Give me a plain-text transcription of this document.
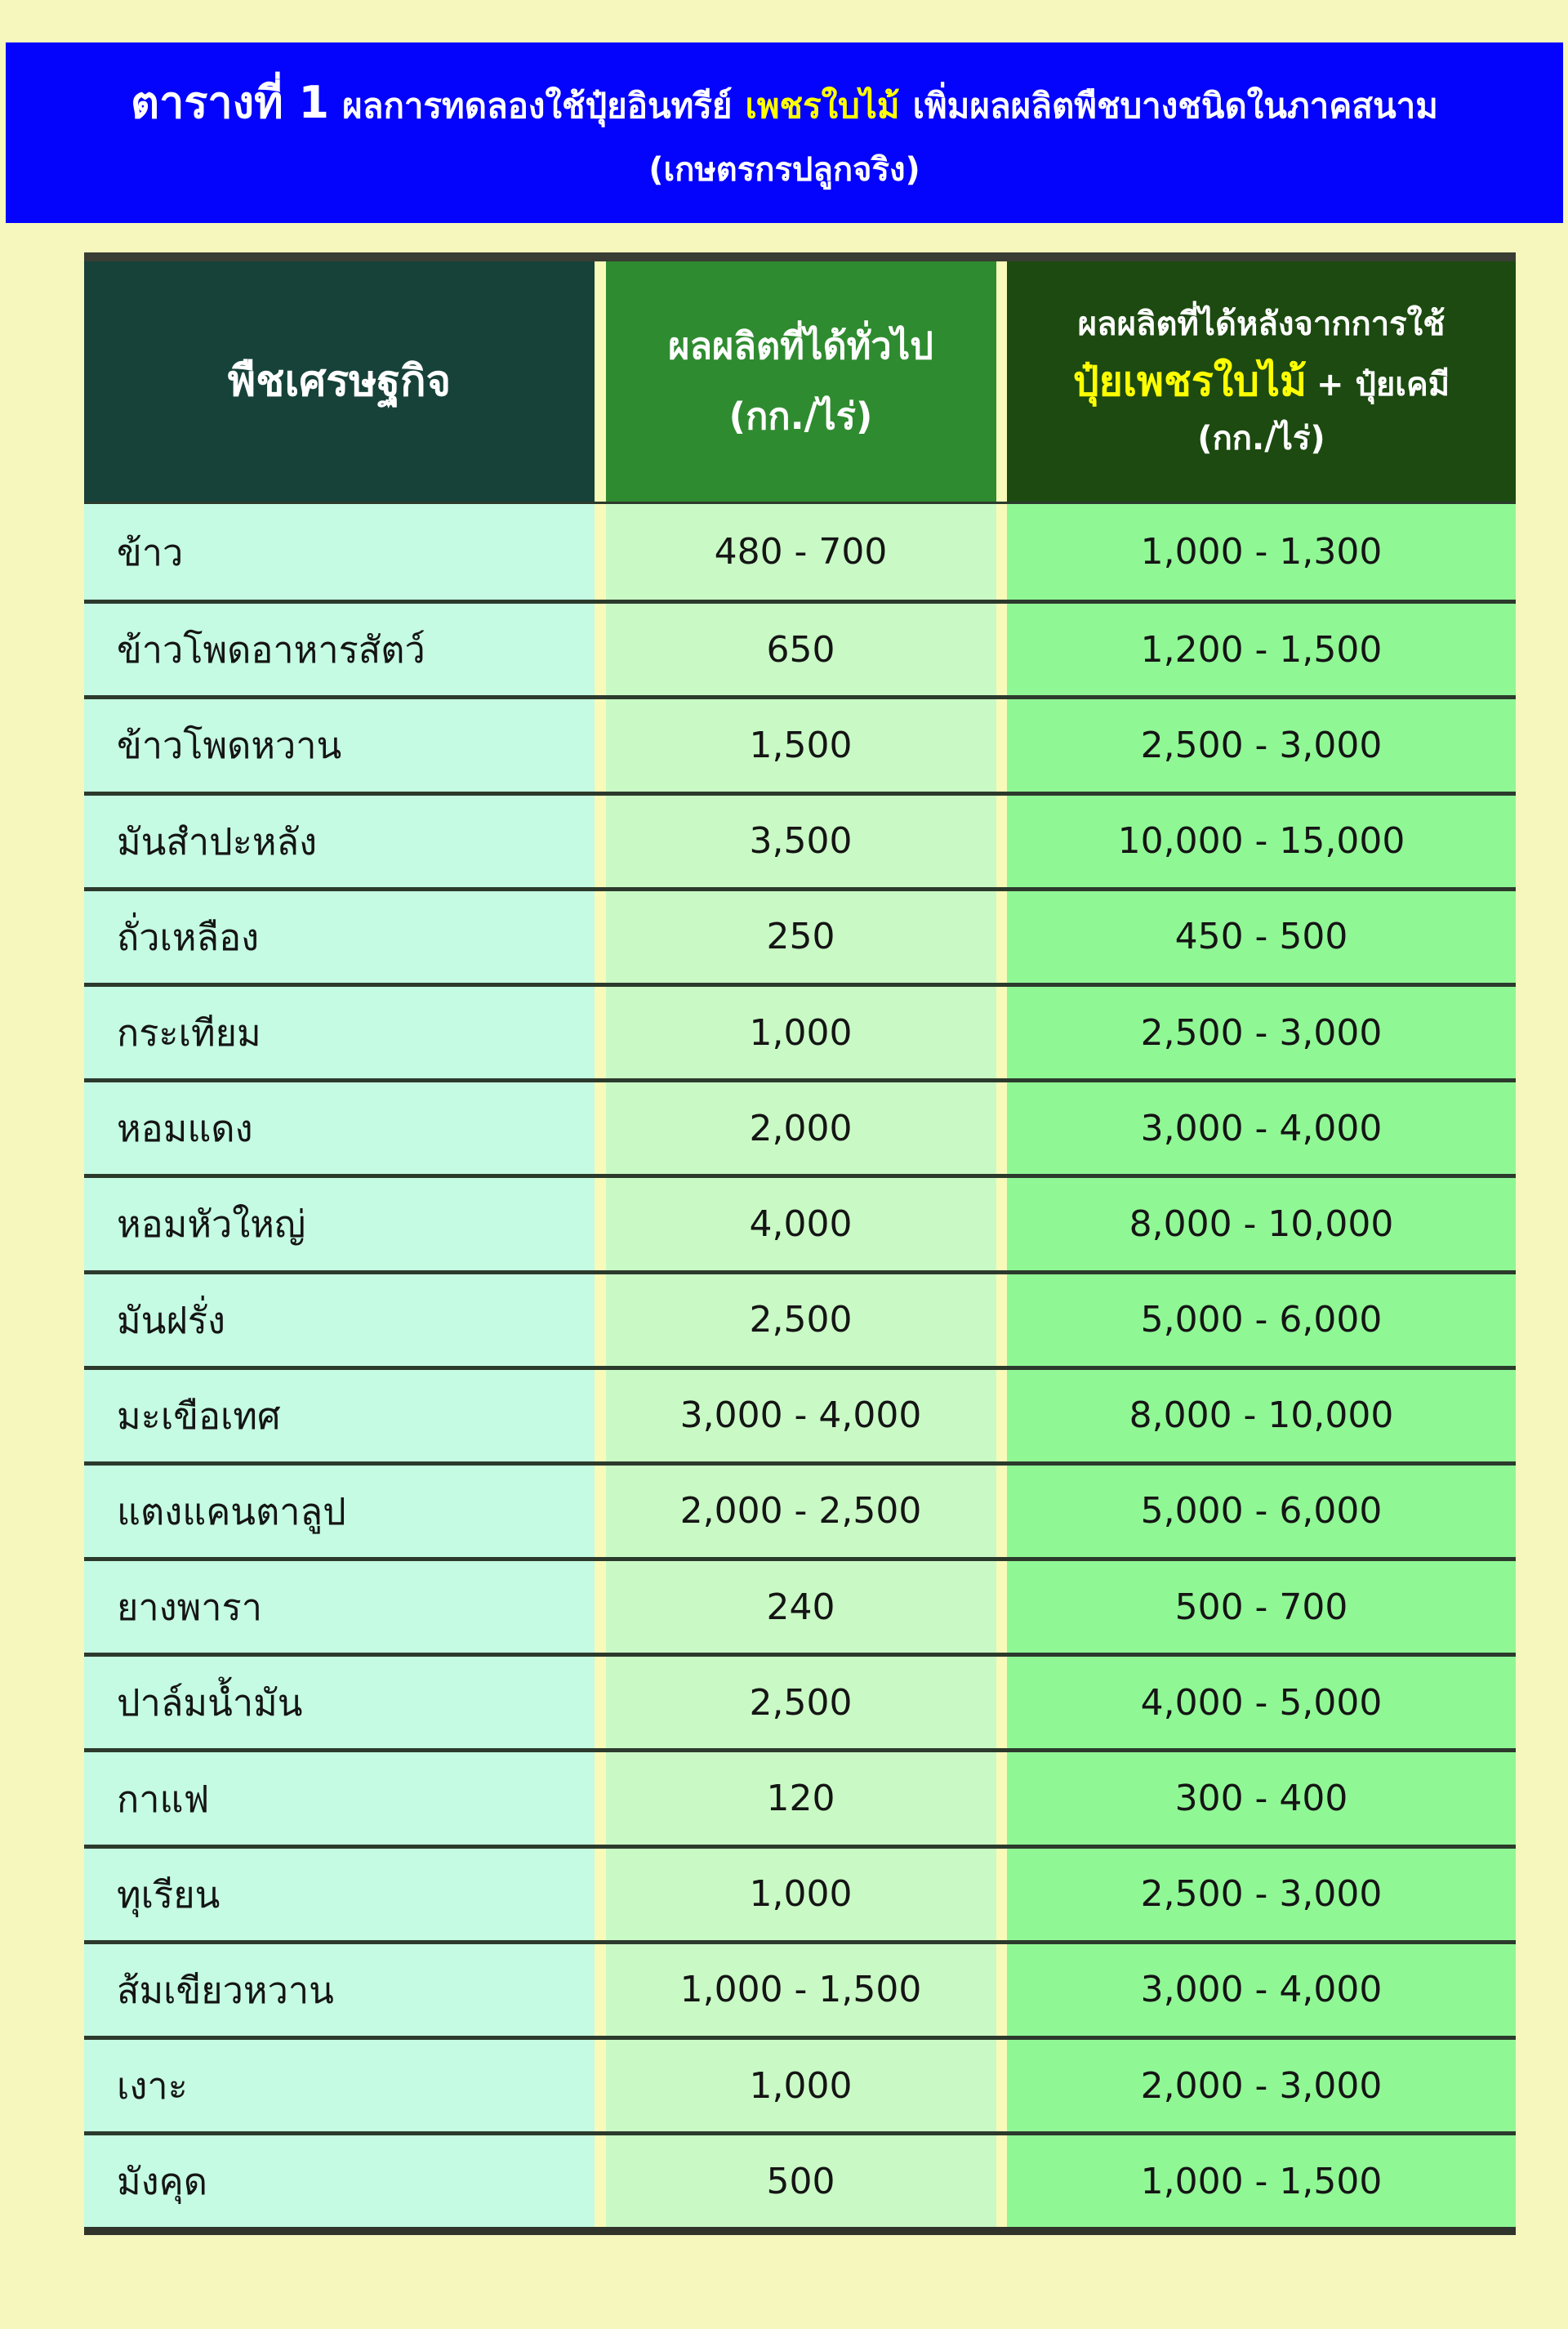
ตารางที่ 1 ผลการทดลองใช้ปุ๋ยอินทรีย์ เพชรใบไม้ เพิ่มผลผลิตพืชบางชนิดในภาคสนาม
(เกษตรกรปลูกจริง)
พืชเศรษฐกิจ
ผลผลิตที่ได้ทั่วไป
(กก./ไร่)
ผลผลิตที่ได้หลังจากการใช้
ปุ๋ยเพชรใบไม้ + ปุ๋ยเคมี
(กก./ไร่)
ข้าว	480 - 700	1,000 - 1,300
ข้าวโพดอาหารสัตว์	650	1,200 - 1,500
ข้าวโพดหวาน	1,500	2,500 - 3,000
มันสำปะหลัง	3,500	10,000 - 15,000
ถั่วเหลือง	250	450 - 500
กระเทียม	1,000	2,500 - 3,000
หอมแดง	2,000	3,000 - 4,000
หอมหัวใหญ่	4,000	8,000 - 10,000
มันฝรั่ง	2,500	5,000 - 6,000
มะเขือเทศ	3,000 - 4,000	8,000 - 10,000
แตงแคนตาลูป	2,000 - 2,500	5,000 - 6,000
ยางพารา	240	500 - 700
ปาล์มน้ำมัน	2,500	4,000 - 5,000
กาแฟ	120	300 - 400
ทุเรียน	1,000	2,500 - 3,000
ส้มเขียวหวาน	1,000 - 1,500	3,000 - 4,000
เงาะ	1,000	2,000 - 3,000
มังคุด	500	1,000 - 1,500
